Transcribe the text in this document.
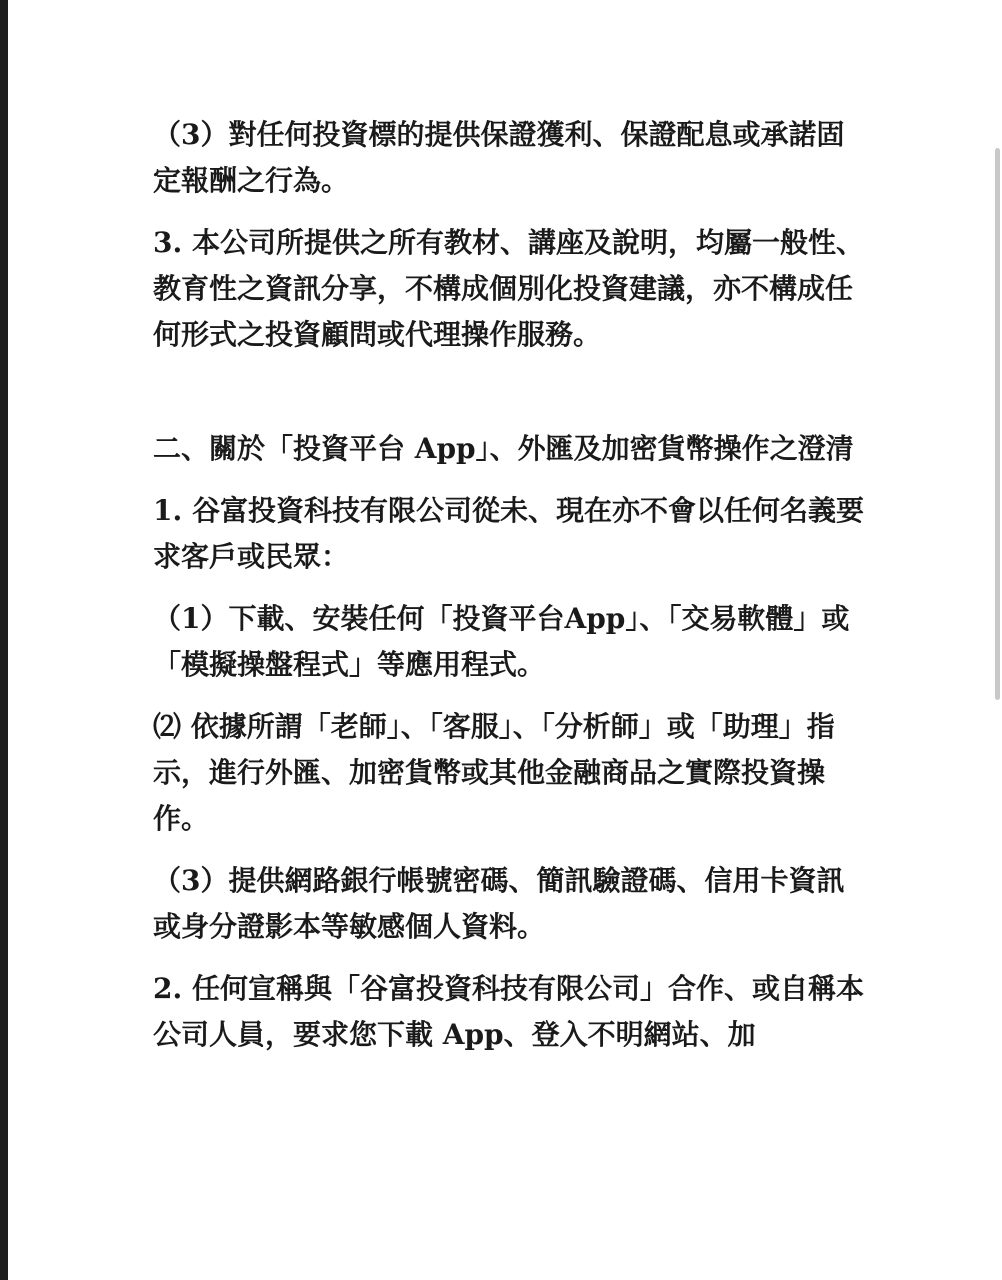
（3）對任何投資標的提供保證獲利、保證配息或承諾固定報酬之行為。

3. 本公司所提供之所有教材、講座及說明，均屬一般性、教育性之資訊分享，不構成個別化投資建議，亦不構成任何形式之投資顧問或代理操作服務。

二、關於「投資平台 App」、外匯及加密貨幣操作之澄清

1. 谷富投資科技有限公司從未、現在亦不會以任何名義要求客戶或民眾：

（1）下載、安裝任何「投資平台App」、「交易軟體」或「模擬操盤程式」等應用程式。

⑵ 依據所謂「老師」、「客服」、「分析師」或「助理」指示，進行外匯、加密貨幣或其他金融商品之實際投資操作。

（3）提供網路銀行帳號密碼、簡訊驗證碼、信用卡資訊或身分證影本等敏感個人資料。

2. 任何宣稱與「谷富投資科技有限公司」合作、或自稱本公司人員，要求您下載 App、登入不明網站、加
